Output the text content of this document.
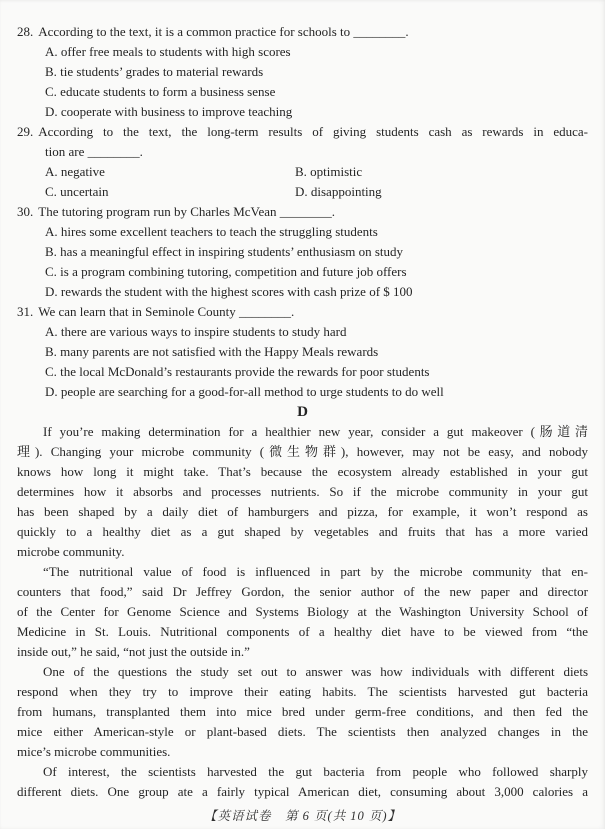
28. According to the text, it is a common practice for schools to ________.
A. offer free meals to students with high scores
B. tie students’ grades to material rewards
C. educate students to form a business sense
D. cooperate with business to improve teaching
29. According to the text, the long-term results of giving students cash as rewards in educa-
tion are ________.
A. negative	B. optimistic
C. uncertain	D. disappointing
30. The tutoring program run by Charles McVean ________.
A. hires some excellent teachers to teach the struggling students
B. has a meaningful effect in inspiring students’ enthusiasm on study
C. is a program combining tutoring, competition and future job offers
D. rewards the student with the highest scores with cash prize of $ 100
31. We can learn that in Seminole County ________.
A. there are various ways to inspire students to study hard
B. many parents are not satisfied with the Happy Meals rewards
C. the local McDonald’s restaurants provide the rewards for poor students
D. people are searching for a good-for-all method to urge students to do well
D
If you’re making determination for a healthier new year, consider a gut makeover (肠道清
理). Changing your microbe community (微生物群), however, may not be easy, and nobody
knows how long it might take. That’s because the ecosystem already established in your gut
determines how it absorbs and processes nutrients. So if the microbe community in your gut
has been shaped by a daily diet of hamburgers and pizza, for example, it won’t respond as
quickly to a healthy diet as a gut shaped by vegetables and fruits that has a more varied
microbe community.
“The nutritional value of food is influenced in part by the microbe community that en-
counters that food,” said Dr Jeffrey Gordon, the senior author of the new paper and director
of the Center for Genome Science and Systems Biology at the Washington University School of
Medicine in St. Louis. Nutritional components of a healthy diet have to be viewed from “the
inside out,” he said, “not just the outside in.”
One of the questions the study set out to answer was how individuals with different diets
respond when they try to improve their eating habits. The scientists harvested gut bacteria
from humans, transplanted them into mice bred under germ-free conditions, and then fed the
mice either American-style or plant-based diets. The scientists then analyzed changes in the
mice’s microbe communities.
Of interest, the scientists harvested the gut bacteria from people who followed sharply
different diets. One group ate a fairly typical American diet, consuming about 3,000 calories a
【英语试卷　第 6 页(共 10 页)】
